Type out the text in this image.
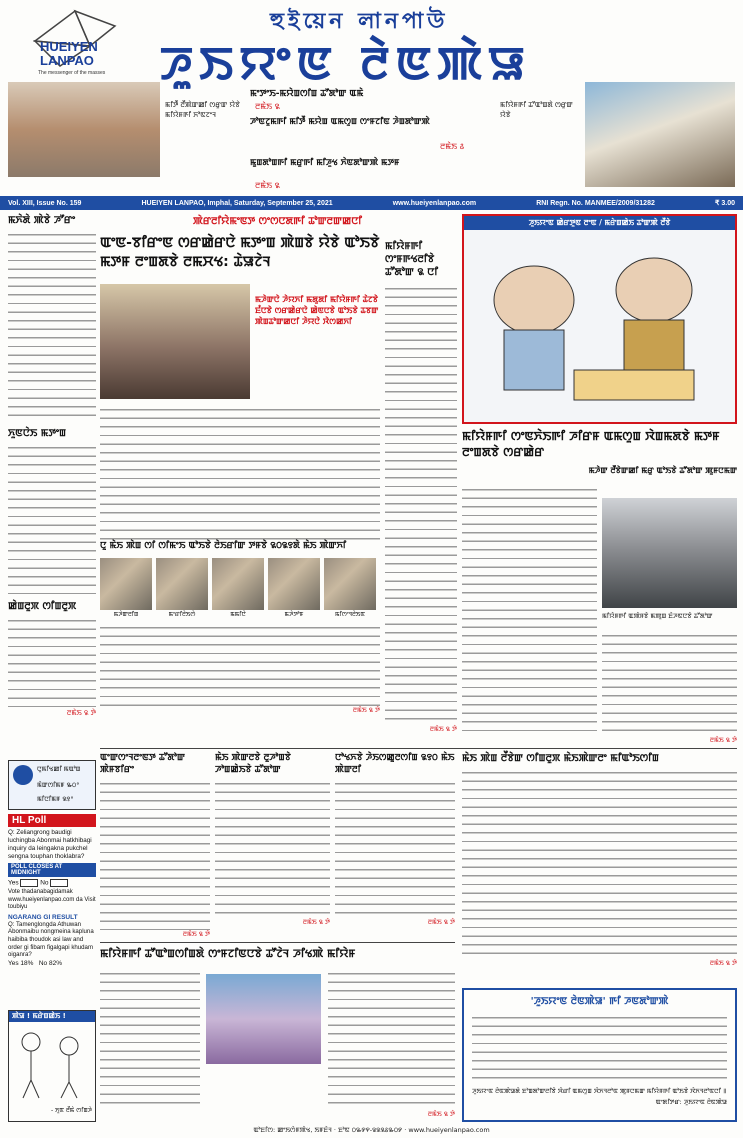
HUEIYEN LANPAO
The messenger of the masses
হুইয়েন লানপাউ
ꯍꯨꯏꯌꯦꯟ ꯂꯥꯟꯄꯥꯎ
ꯃꯤꯇꯩ ꯂꯩꯄꯥꯛꯀꯤ ꯁꯔꯨꯛ ꯌꯥꯕꯥ ꯃꯤꯌꯥꯝꯒꯤ ꯈꯣꯟꯖꯦꯜ
ꯃꯦꯇꯦꯏ-ꯃꯌꯥꯡꯁꯤꯡ ꯊꯧꯗꯣꯛ ꯑꯃꯥ
ꯂꯃꯥꯏ ꯲
ꯍꯣꯟꯖꯨꯃꯒꯤ ꯃꯤꯇꯩ ꯃꯌꯥꯡ ꯑꯃꯁꯨꯡ ꯁꯦꯝꯖꯤꯟ ꯍꯥꯡꯗꯣꯛꯄꯥ
ꯂꯃꯥꯏ ꯴
ꯃꯨꯡꯗꯣꯡꯒꯤ ꯃꯔꯨꯒꯤ ꯃꯤꯍꯨꯠ ꯈꯥꯟꯗꯣꯛꯄꯥ ꯃꯇꯝ
ꯂꯃꯥꯏ ꯲
ꯃꯤꯌꯥꯝꯒꯤ ꯊꯧꯑꯣꯡꯗꯥ ꯁꯔꯨꯛ ꯌꯥꯕꯥ
Vol. XIII, Issue No. 159	HUEIYEN LANPAO, Imphal, Saturday, September 25, 2021	www.hueiyenlanpao.com	RNI Regn. No. MANMEE/2009/31282	₹ 3.00
ꯃꯈꯥꯗꯥ ꯄꯥꯕꯥ ꯍꯧꯔꯦ
ꯈꯨꯟꯅꯥꯏ ꯃꯇꯦꯡ
ꯀꯥꯡꯂꯨꯞ ꯁꯤꯡꯂꯨꯞ
ꯂꯃꯥꯏ ꯲ ꯇꯥ
ꯅꯨꯃꯤꯠꯀꯤ ꯃꯑꯣꯡ
ꯃꯥꯛꯁꯤꯃꯝ ꯳꯰°
ꯃꯤꯅꯤꯃꯝ ꯲꯱°
HL Poll
Q: Zeliangrong baudigi luchingba Abonmai hatkhibagi inquiry da leingakna pukchel sengna touphan thoklabra?
POLL CLOSES AT MIDNIGHT
Yes	No
Vote thadanabagidamak www.hueiyenlanpao.com da Visit toubiyu
NGARANG GI RESULT
Q: Tamenglongda Athuwan Abonmaibu nongmeina kapluna haibiba thoudok asi law and order gi fibam figalgapi khudam oiganra?
Yes 18% No 82%
ꯄꯥꯎ ! ꯃꯔꯥꯡꯀꯥꯏ !
- ꯈꯨꯟ ꯂꯩꯃꯥ ꯁꯤꯡꯍꯥ
ꯄꯥꯔꯂꯤꯌꯥꯃꯦꯟꯇ ꯁꯦꯁꯅꯗꯒꯤ ꯊꯣꯛꯂꯛꯀꯅꯤ
ꯑꯦꯟ-ꯕꯤꯔꯦꯟ ꯁꯔꯀꯥꯔꯅꯥ ꯃꯇꯦꯡ ꯄꯥꯡꯕꯥ ꯌꯥꯕꯥ ꯑꯣꯏꯕꯥ ꯃꯇꯝ ꯂꯦꯡꯗꯕꯥ ꯂꯃꯆꯠ: ꯊꯥꯎꯖꯥꯜ
ꯃꯍꯥꯛꯅꯥ ꯍꯥꯌꯈꯤ ꯃꯗꯨꯗꯤ ꯃꯤꯌꯥꯝꯒꯤ ꯊꯥꯖꯕꯥ ꯐꯪꯅꯕꯥ ꯁꯔꯀꯥꯔꯅꯥ ꯀꯥꯟꯅꯕꯥ ꯑꯣꯏꯕꯥ ꯊꯕꯛ ꯄꯥꯡꯊꯣꯛꯀꯅꯤ ꯍꯥꯌꯅꯥ ꯋꯥꯁꯀꯈꯤ
ꯃꯤꯌꯥꯝꯒꯤ ꯁꯦꯝꯒꯠꯂꯤꯕꯥ ꯊꯧꯗꯣꯛ ꯲ ꯅꯤ
ꯂꯃꯥꯏ ꯲ ꯇꯥ
ꯅꯨ ꯃꯥꯏ ꯄꯥꯡ ꯁꯤ ꯁꯤꯃꯦꯏ ꯑꯣꯏꯕꯥ ꯂꯥꯏꯔꯤꯛ ꯇꯝꯕꯥ ꯲꯰꯲꯱ꯗꯥ ꯃꯥꯏ ꯄꯥꯛꯈꯤ
ꯃꯍꯥꯛꯂꯤꯡ	ꯃꯦꯔꯤꯂꯥꯏꯁꯥ	ꯃꯃꯤꯅꯥ	ꯃꯍꯥꯇꯣꯝ	ꯃꯤꯁꯦꯜꯂꯥꯏꯟ
ꯂꯃꯥꯏ ꯲ ꯇꯥ
ꯍꯨꯏꯌꯦꯟ ꯀꯥꯔꯇꯨꯟ ꯂꯦꯟ / ꯃꯔꯥꯡꯀꯥꯏ ꯊꯣꯛꯄꯥ ꯂꯩꯕꯥ
ꯃꯤꯌꯥꯝꯒꯤ ꯁꯦꯟꯈꯥꯏꯒꯤ ꯍꯤꯔꯝ ꯑꯃꯁꯨꯡ ꯋꯥꯡꯃꯗꯕꯥ ꯃꯇꯝ ꯂꯦꯡꯗꯕꯥ ꯁꯔꯀꯥꯔ
ꯃꯍꯥꯛ ꯂꯩꯕꯥꯛꯀꯤ ꯃꯔꯨ ꯑꯣꯏꯕꯥ ꯊꯧꯗꯣꯛ ꯄꯨꯝꯅꯃꯛ
ꯃꯤꯌꯥꯝꯒꯤ ꯑꯄꯥꯝꯕꯥ ꯃꯄꯨꯡ ꯐꯥꯍꯟꯅꯕꯥ ꯊꯧꯗꯣꯛ
ꯂꯃꯥꯏ ꯲ ꯇꯥ
ꯑꯦꯛꯁꯦꯜꯂꯦꯟꯇ ꯊꯧꯗꯣꯛ ꯄꯥꯝꯕꯤꯔꯦ
ꯂꯃꯥꯏ ꯲ ꯇꯥ
ꯃꯥꯏ ꯄꯥꯛꯂꯕꯥ ꯂꯨꯍꯣꯡꯕꯥ ꯍꯣꯡꯀꯥꯏꯕꯥ ꯊꯧꯗꯣꯛ
ꯂꯃꯥꯏ ꯲ ꯇꯥ
ꯅꯣꯠꯈꯕꯥ ꯍꯥꯏꯁꯀꯨꯂꯁꯤꯡ ꯲꯱꯰ ꯃꯥꯏ ꯄꯥꯛꯂꯤ
ꯂꯃꯥꯏ ꯲ ꯇꯥ
ꯃꯥꯏ ꯄꯥꯡ ꯂꯩꯕꯥꯛ ꯁꯤꯡꯂꯨꯞ ꯃꯥꯏꯄꯥꯛꯂꯦ ꯃꯤꯑꯣꯏꯁꯤꯡ
ꯂꯃꯥꯏ ꯲ ꯇꯥ
ꯃꯤꯌꯥꯝꯒꯤ ꯊꯧꯑꯣꯡꯁꯤꯡꯗꯥ ꯁꯦꯝꯖꯤꯟꯅꯕꯥ ꯊꯧꯖꯥꯜ ꯍꯤꯠꯄꯥ ꯃꯤꯌꯥꯝ
ꯂꯃꯥꯏ ꯲ ꯇꯥ
'ꯍꯨꯏꯌꯦꯟ ꯂꯥꯟꯄꯥꯎ' ꯒꯤ ꯍꯟꯗꯣꯛꯄꯥ
ꯍꯨꯏꯌꯦꯟ ꯂꯥꯟꯄꯥꯎꯗꯥ ꯐꯣꯡꯗꯣꯛꯂꯤꯕꯥ ꯋꯥꯔꯤ ꯑꯃꯁꯨꯡ ꯋꯥꯈꯜꯂꯣꯟ ꯄꯨꯝꯅꯃꯛ ꯃꯤꯌꯥꯝꯒꯤ ꯑꯣꯏꯕꯥ ꯋꯥꯈꯜꯂꯣꯟꯅꯤ ꯫
ꯑꯦꯗꯤꯇꯔ: ꯍꯨꯏꯌꯦꯟ ꯂꯥꯟꯄꯥꯎ
ꯑꯣꯐꯤꯁ: ꯀꯦꯏꯁꯥꯝꯄꯥꯠ, ꯏꯝꯐꯥꯜ · ꯐꯣꯟ ꯰꯳꯸꯵-꯲꯲꯲꯴꯳꯰꯸ · www.hueiyenlanpao.com
